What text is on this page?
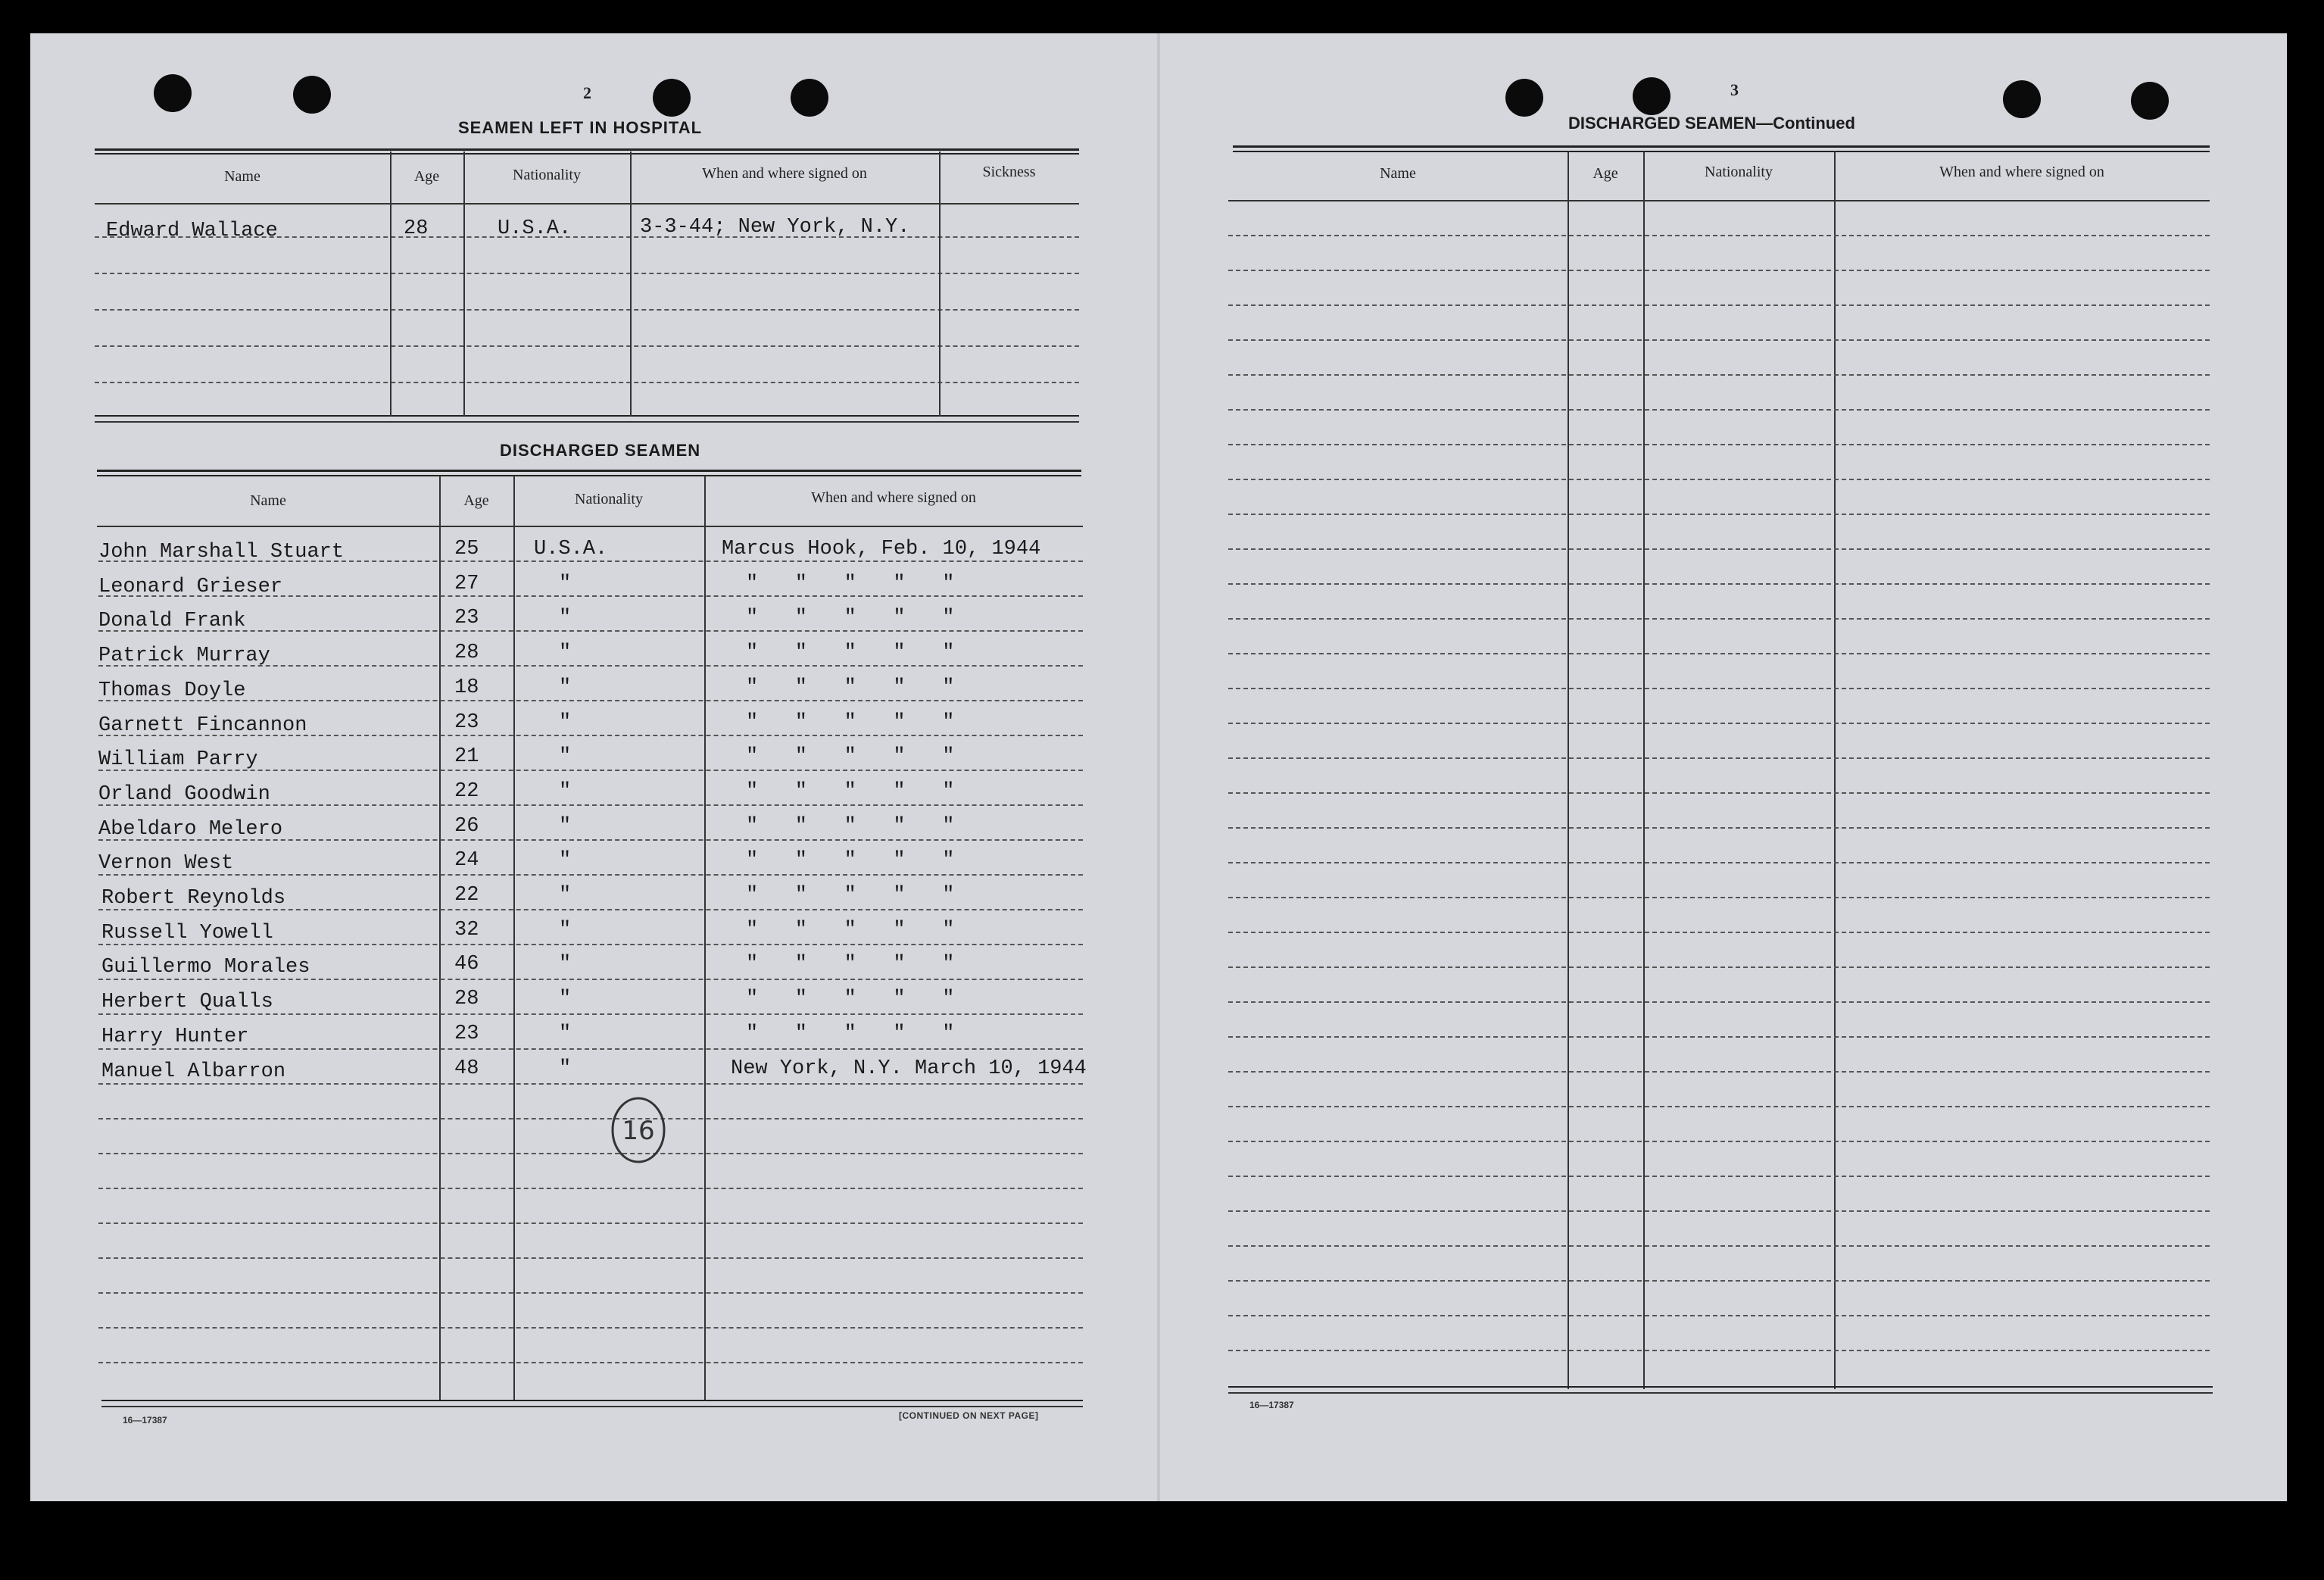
2
SEAMEN LEFT IN HOSPITAL
Name	Age	Nationality	When and where signed on	Sickness
Edward Wallace	28	U.S.A.	3-3-44; New York, N.Y.
DISCHARGED SEAMEN
Name	Age	Nationality	When and where signed on
John Marshall Stuart	25	U.S.A.	Marcus Hook, Feb. 10, 1944
Leonard Grieser	27	"	"   "   "   "   "
Donald Frank	23	"	"   "   "   "   "
Patrick Murray	28	"	"   "   "   "   "
Thomas Doyle	18	"	"   "   "   "   "
Garnett Fincannon	23	"	"   "   "   "   "
William Parry	21	"	"   "   "   "   "
Orland Goodwin	22	"	"   "   "   "   "
Abeldaro Melero	26	"	"   "   "   "   "
Vernon West	24	"	"   "   "   "   "
Robert Reynolds	22	"	"   "   "   "   "
Russell Yowell	32	"	"   "   "   "   "
Guillermo Morales	46	"	"   "   "   "   "
Herbert Qualls	28	"	"   "   "   "   "
Harry Hunter	23	"	"   "   "   "   "
Manuel Albarron	48	"	New York, N.Y. March 10, 1944
16
16—17387	[CONTINUED ON NEXT PAGE]
3
DISCHARGED SEAMEN—Continued
Name	Age	Nationality	When and where signed on
16—17387
